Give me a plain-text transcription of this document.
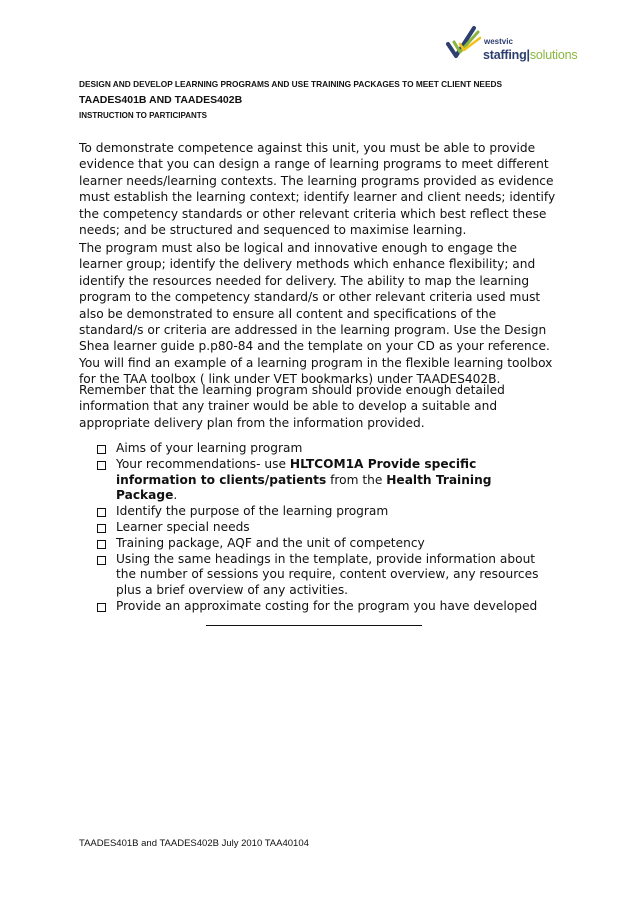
westvic
staffing|solutions
DESIGN AND DEVELOP LEARNING PROGRAMS AND USE TRAINING PACKAGES TO MEET CLIENT NEEDS
TAADES401B AND TAADES402B
INSTRUCTION TO PARTICIPANTS

To demonstrate competence against this unit, you must be able to provide evidence that you can design a range of learning programs to meet different learner needs/learning contexts. The learning programs provided as evidence must establish the learning context; identify learner and client needs; identify the competency standards or other relevant criteria which best reflect these needs; and be structured and sequenced to maximise learning.

The program must also be logical and innovative enough to engage the learner group; identify the delivery methods which enhance flexibility; and identify the resources needed for delivery. The ability to map the learning program to the competency standard/s or other relevant criteria used must also be demonstrated to ensure all content and specifications of the standard/s or criteria are addressed in the learning program. Use the Design Shea learner guide p.p80-84 and the template on your CD as your reference. You will find an example of a learning program in the flexible learning toolbox for the TAA toolbox ( link under VET bookmarks) under TAADES402B.

Remember that the learning program should provide enough detailed information that any trainer would be able to develop a suitable and appropriate delivery plan from the information provided.

Aims of your learning program
Your recommendations- use HLTCOM1A Provide specific information to clients/patients from the Health Training Package.
Identify the purpose of the learning program
Learner special needs
Training package, AQF and the unit of competency
Using the same headings in the template, provide information about the number of sessions you require, content overview, any resources plus a brief overview of any activities.
Provide an approximate costing for the program you have developed
TAADES401B and TAADES402B July 2010 TAA40104
